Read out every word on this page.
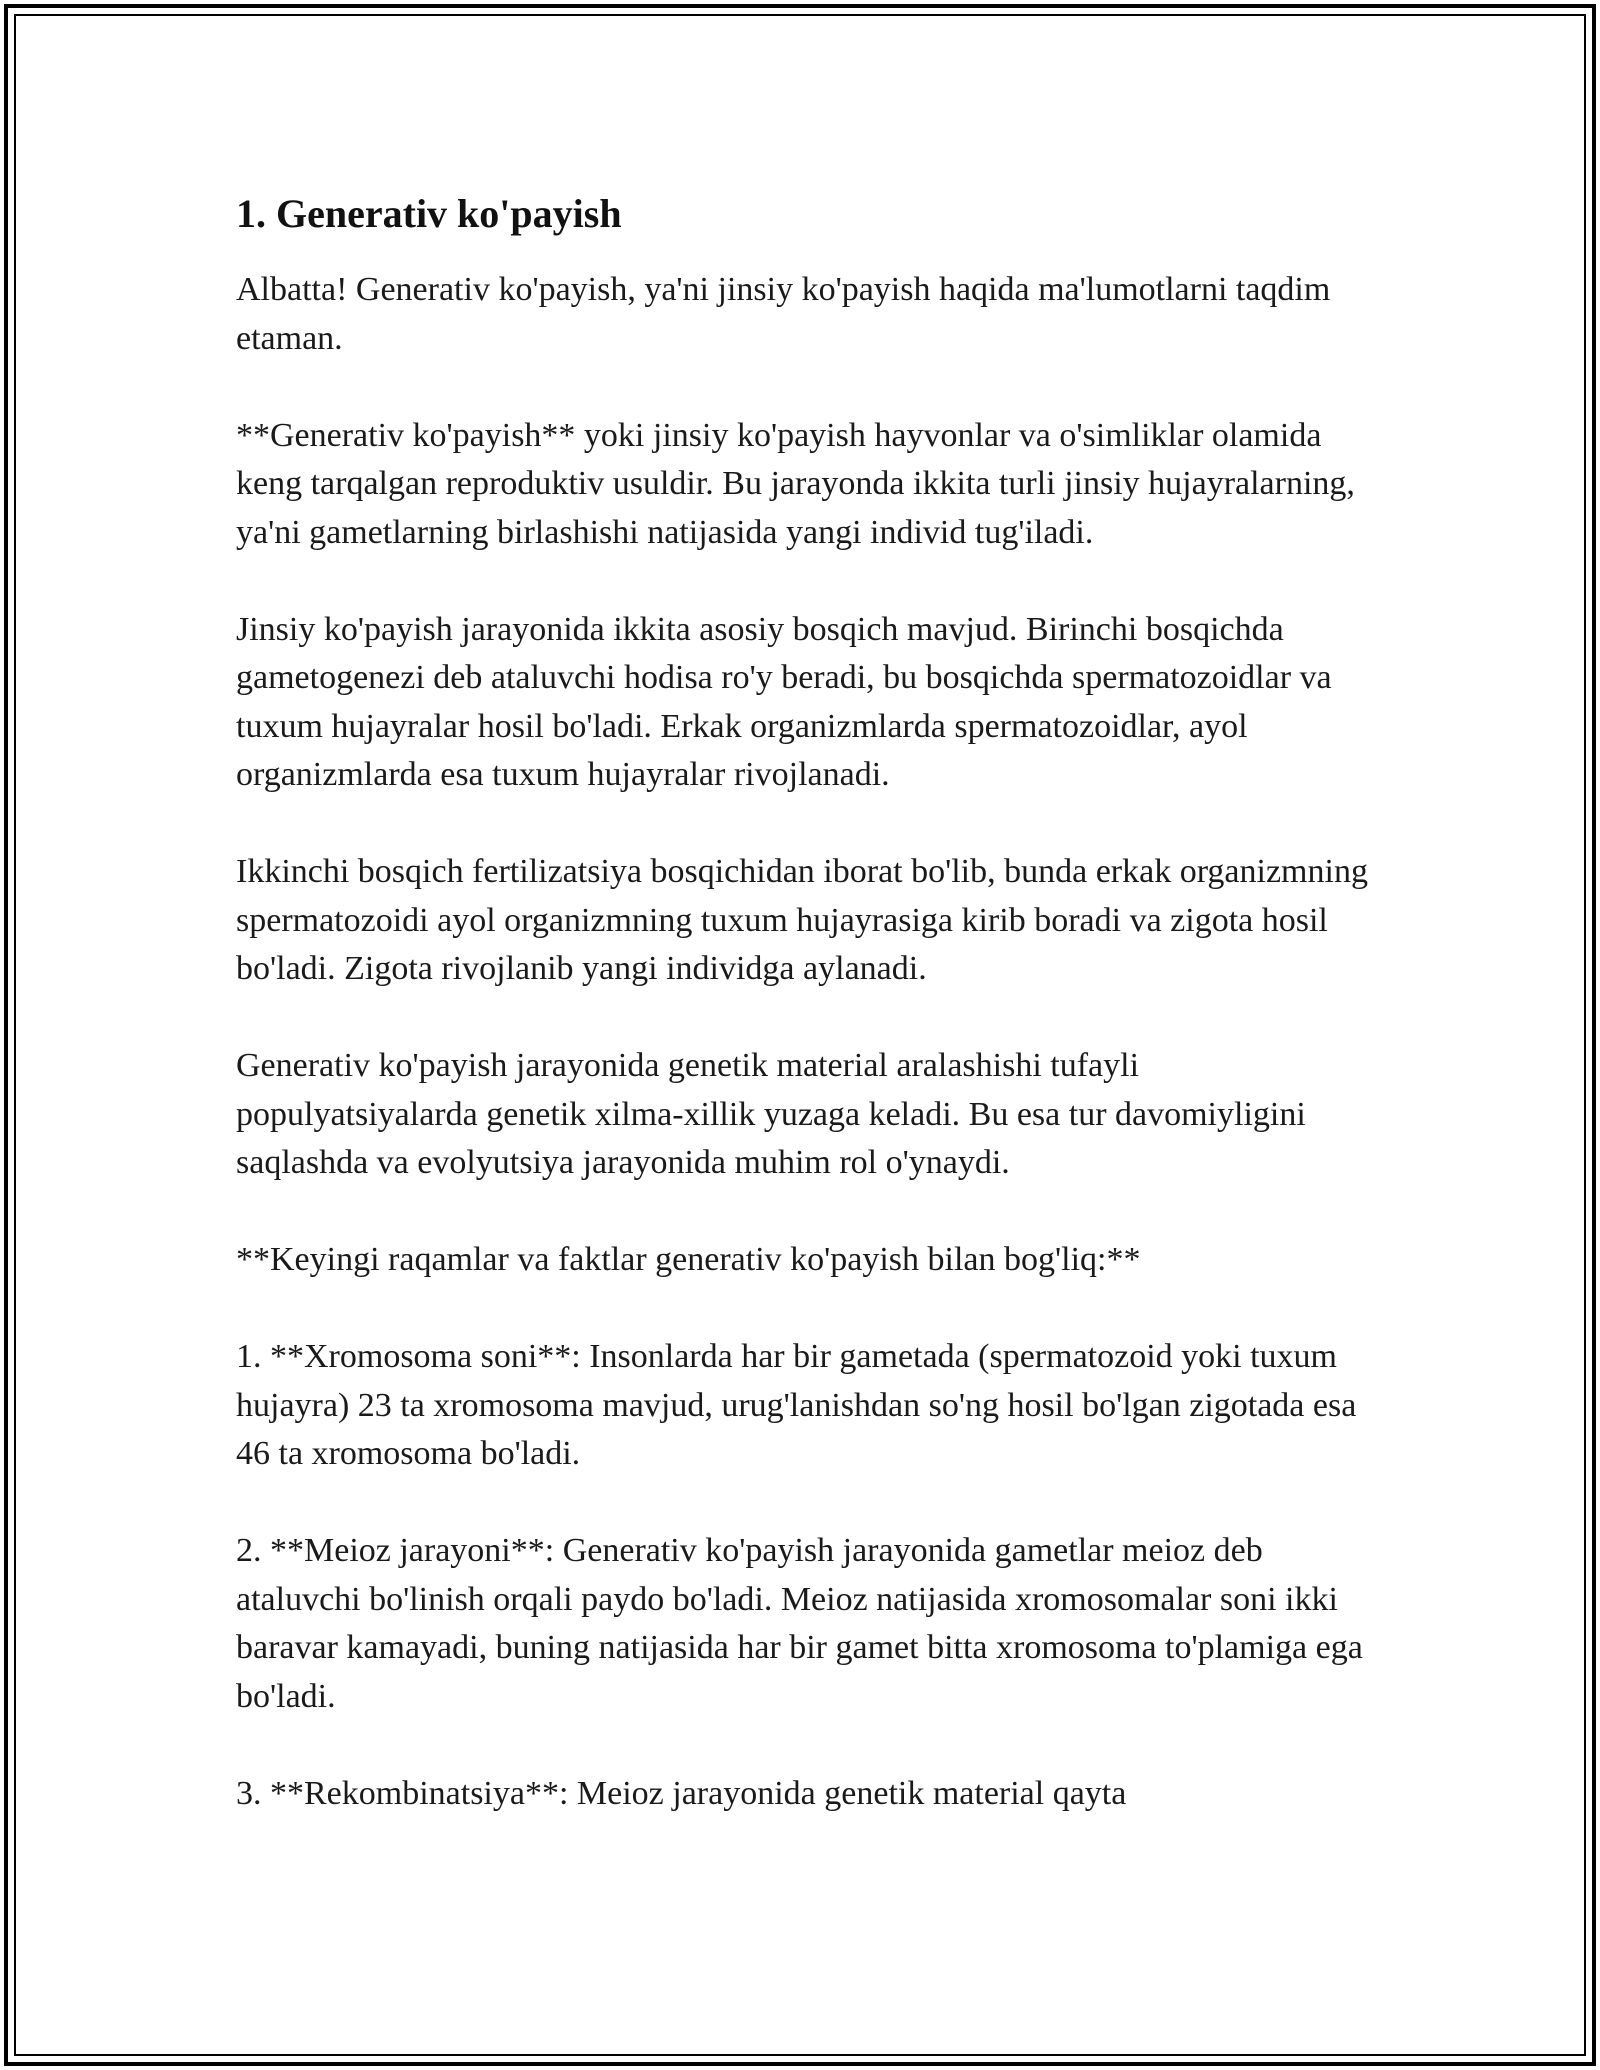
1. Generativ ko'payish

Albatta! Generativ ko'payish, ya'ni jinsiy ko'payish haqida ma'lumotlarni taqdim etaman.

**Generativ ko'payish** yoki jinsiy ko'payish hayvonlar va o'simliklar olamida keng tarqalgan reproduktiv usuldir. Bu jarayonda ikkita turli jinsiy hujayralarning, ya'ni gametlarning birlashishi natijasida yangi individ tug'iladi.

Jinsiy ko'payish jarayonida ikkita asosiy bosqich mavjud. Birinchi bosqichda gametogenezi deb ataluvchi hodisa ro'y beradi, bu bosqichda spermatozoidlar va tuxum hujayralar hosil bo'ladi. Erkak organizmlarda spermatozoidlar, ayol organizmlarda esa tuxum hujayralar rivojlanadi.

Ikkinchi bosqich fertilizatsiya bosqichidan iborat bo'lib, bunda erkak organizmning spermatozoidi ayol organizmning tuxum hujayrasiga kirib boradi va zigota hosil bo'ladi. Zigota rivojlanib yangi individga aylanadi.

Generativ ko'payish jarayonida genetik material aralashishi tufayli populyatsiyalarda genetik xilma-xillik yuzaga keladi. Bu esa tur davomiyligini saqlashda va evolyutsiya jarayonida muhim rol o'ynaydi.

**Keyingi raqamlar va faktlar generativ ko'payish bilan bog'liq:**

1. **Xromosoma soni**: Insonlarda har bir gametada (spermatozoid yoki tuxum hujayra) 23 ta xromosoma mavjud, urug'lanishdan so'ng hosil bo'lgan zigotada esa 46 ta xromosoma bo'ladi.

2. **Meioz jarayoni**: Generativ ko'payish jarayonida gametlar meioz deb ataluvchi bo'linish orqali paydo bo'ladi. Meioz natijasida xromosomalar soni ikki baravar kamayadi, buning natijasida har bir gamet bitta xromosoma to'plamiga ega bo'ladi.

3. **Rekombinatsiya**: Meioz jarayonida genetik material qayta
